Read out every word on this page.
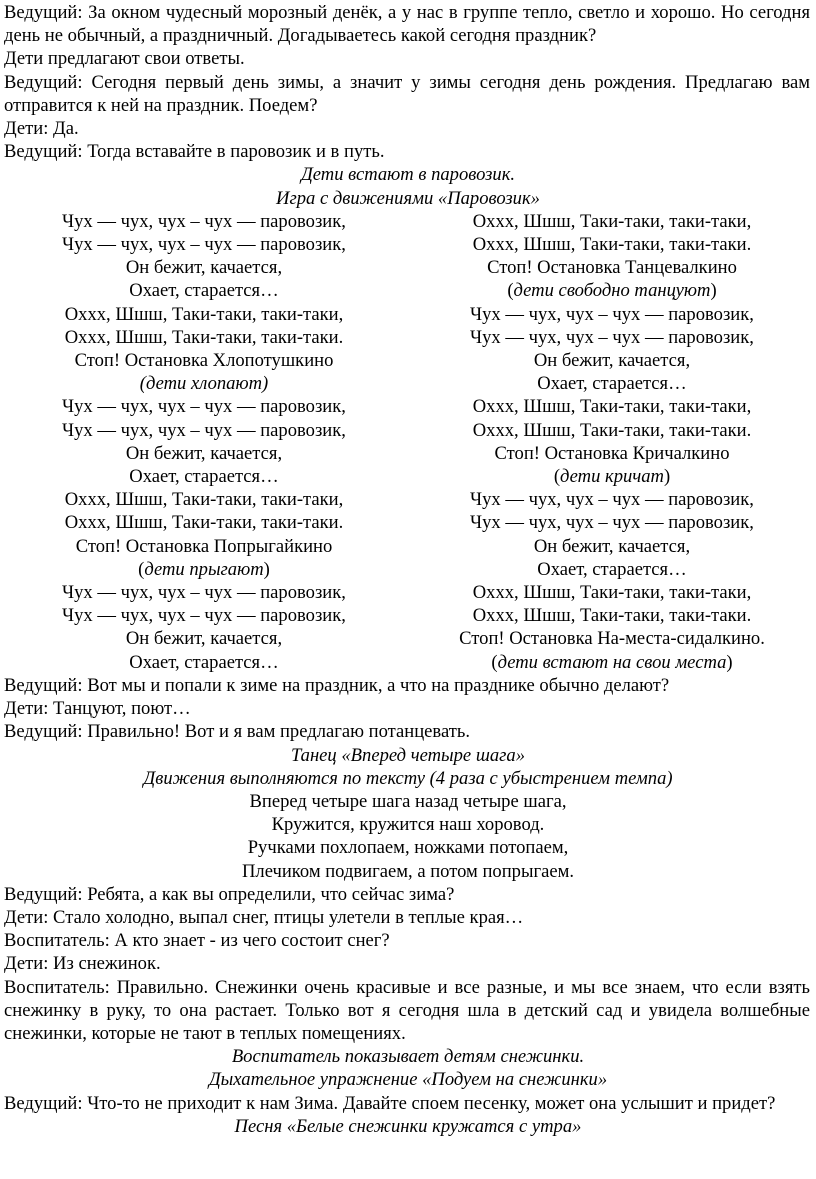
Ведущий: За окном чудесный морозный денёк, а у нас в группе тепло, светло и хорошо. Но сегодня день не обычный, а праздничный. Догадываетесь какой сегодня праздник?

Дети предлагают свои ответы.

Ведущий: Сегодня первый день зимы, а значит у зимы сегодня день рождения. Предлагаю вам отправится к ней на праздник. Поедем?

Дети: Да.

Ведущий: Тогда вставайте в паровозик и в путь.

Дети встают в паровозик.

Игра с движениями «Паровозик»

Чух — чух, чух – чух — паровозик,
Чух — чух, чух – чух — паровозик,
Он бежит, качается,
Охает, старается…
Оххх, Шшш, Таки-таки, таки-таки,
Оххх, Шшш, Таки-таки, таки-таки.
Стоп! Остановка Хлопотушкино
(дети хлопают)
Чух — чух, чух – чух — паровозик,
Чух — чух, чух – чух — паровозик,
Он бежит, качается,
Охает, старается…
Оххх, Шшш, Таки-таки, таки-таки,
Оххх, Шшш, Таки-таки, таки-таки.
Стоп! Остановка Попрыгайкино
(дети прыгают)
Чух — чух, чух – чух — паровозик,
Чух — чух, чух – чух — паровозик,
Он бежит, качается,
Охает, старается…
Оххх, Шшш, Таки-таки, таки-таки,
Оххх, Шшш, Таки-таки, таки-таки.
Стоп! Остановка Танцевалкино
(дети свободно танцуют)
Чух — чух, чух – чух — паровозик,
Чух — чух, чух – чух — паровозик,
Он бежит, качается,
Охает, старается…
Оххх, Шшш, Таки-таки, таки-таки,
Оххх, Шшш, Таки-таки, таки-таки.
Стоп! Остановка Кричалкино
(дети кричат)
Чух — чух, чух – чух — паровозик,
Чух — чух, чух – чух — паровозик,
Он бежит, качается,
Охает, старается…
Оххх, Шшш, Таки-таки, таки-таки,
Оххх, Шшш, Таки-таки, таки-таки.
Стоп! Остановка На-места-сидалкино.
(дети встают на свои места)

Ведущий: Вот мы и попали к зиме на праздник, а что на празднике обычно делают?

Дети: Танцуют, поют…

Ведущий: Правильно! Вот и я вам предлагаю потанцевать.

Танец «Вперед четыре шага»

Движения выполняются по тексту (4 раза с убыстрением темпа)

Вперед четыре шага назад четыре шага,

Кружится, кружится наш хоровод.

Ручками похлопаем, ножками потопаем,

Плечиком подвигаем, а потом попрыгаем.

Ведущий: Ребята, а как вы определили, что сейчас зима?

Дети: Стало холодно, выпал снег, птицы улетели в теплые края…

Воспитатель: А кто знает - из чего состоит снег?

Дети: Из снежинок.

Воспитатель: Правильно. Снежинки очень красивые и все разные, и мы все знаем, что если взять снежинку в руку, то она растает. Только вот я сегодня шла в детский сад и увидела волшебные снежинки, которые не тают в теплых помещениях.

Воспитатель показывает детям снежинки.

Дыхательное упражнение «Подуем на снежинки»

Ведущий: Что-то не приходит к нам Зима. Давайте споем песенку, может она услышит и придет?

Песня «Белые снежинки кружатся с утра»
